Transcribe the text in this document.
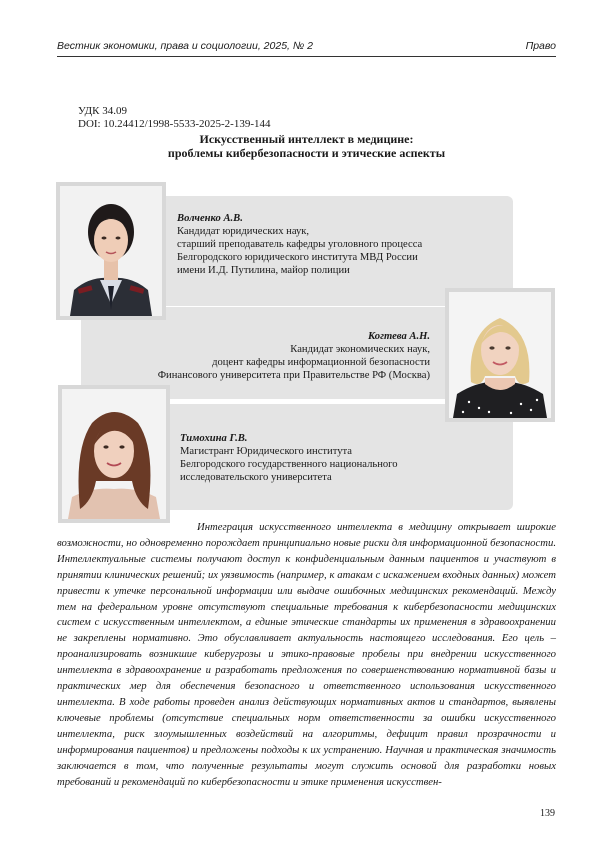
Вестник экономики, права и социологии, 2025, № 2	Право
УДК 34.09
DOI: 10.24412/1998-5533-2025-2-139-144
Искусственный интеллект в медицине:
проблемы кибербезопасности и этические аспекты
Волченко А.В.
Кандидат юридических наук,
старший преподаватель кафедры уголовного процесса
Белгородского юридического института МВД России
имени И.Д. Путилина, майор полиции
Когтева А.Н.
Кандидат экономических наук,
доцент кафедры информационной безопасности
Финансового университета при Правительстве РФ (Москва)
Тимохина Г.В.
Магистрант Юридического института
Белгородского государственного национального
исследовательского университета

Интеграция искусственного интеллекта в медицину открывает широкие возможности, но одновременно порождает принципиально новые риски для информационной безопасности. Интеллектуальные системы получают доступ к конфиденциальным данным пациентов и участвуют в принятии клинических решений; их уязвимость (например, к атакам с искажением входных данных) может привести к утечке персональной информации или выдаче ошибочных медицинских рекомендаций. Между тем на федеральном уровне отсутствуют специальные требования к кибербезопасности медицинских систем с искусственным интеллектом, а единые этические стандарты их применения в здравоохранении не закреплены нормативно. Это обуславливает актуальность настоящего исследования. Его цель – проанализировать возникшие киберугрозы и этико-правовые пробелы при внедрении искусственного интеллекта в здравоохранение и разработать предложения по совершенствованию нормативной базы и практических мер для обеспечения безопасного и ответственного использования искусственного интеллекта. В ходе работы проведен анализ действующих нормативных актов и стандартов, выявлены ключевые проблемы (отсутствие специальных норм ответственности за ошибки искусственного интеллекта, риск злоумышленных воздействий на алгоритмы, дефицит правил прозрачности и информирования пациентов) и предложены подходы к их устранению. Научная и практическая значимость заключается в том, что полученные результаты могут служить основой для разработки новых требований и рекомендаций по кибербезопасности и этике применения искусствен-

139
